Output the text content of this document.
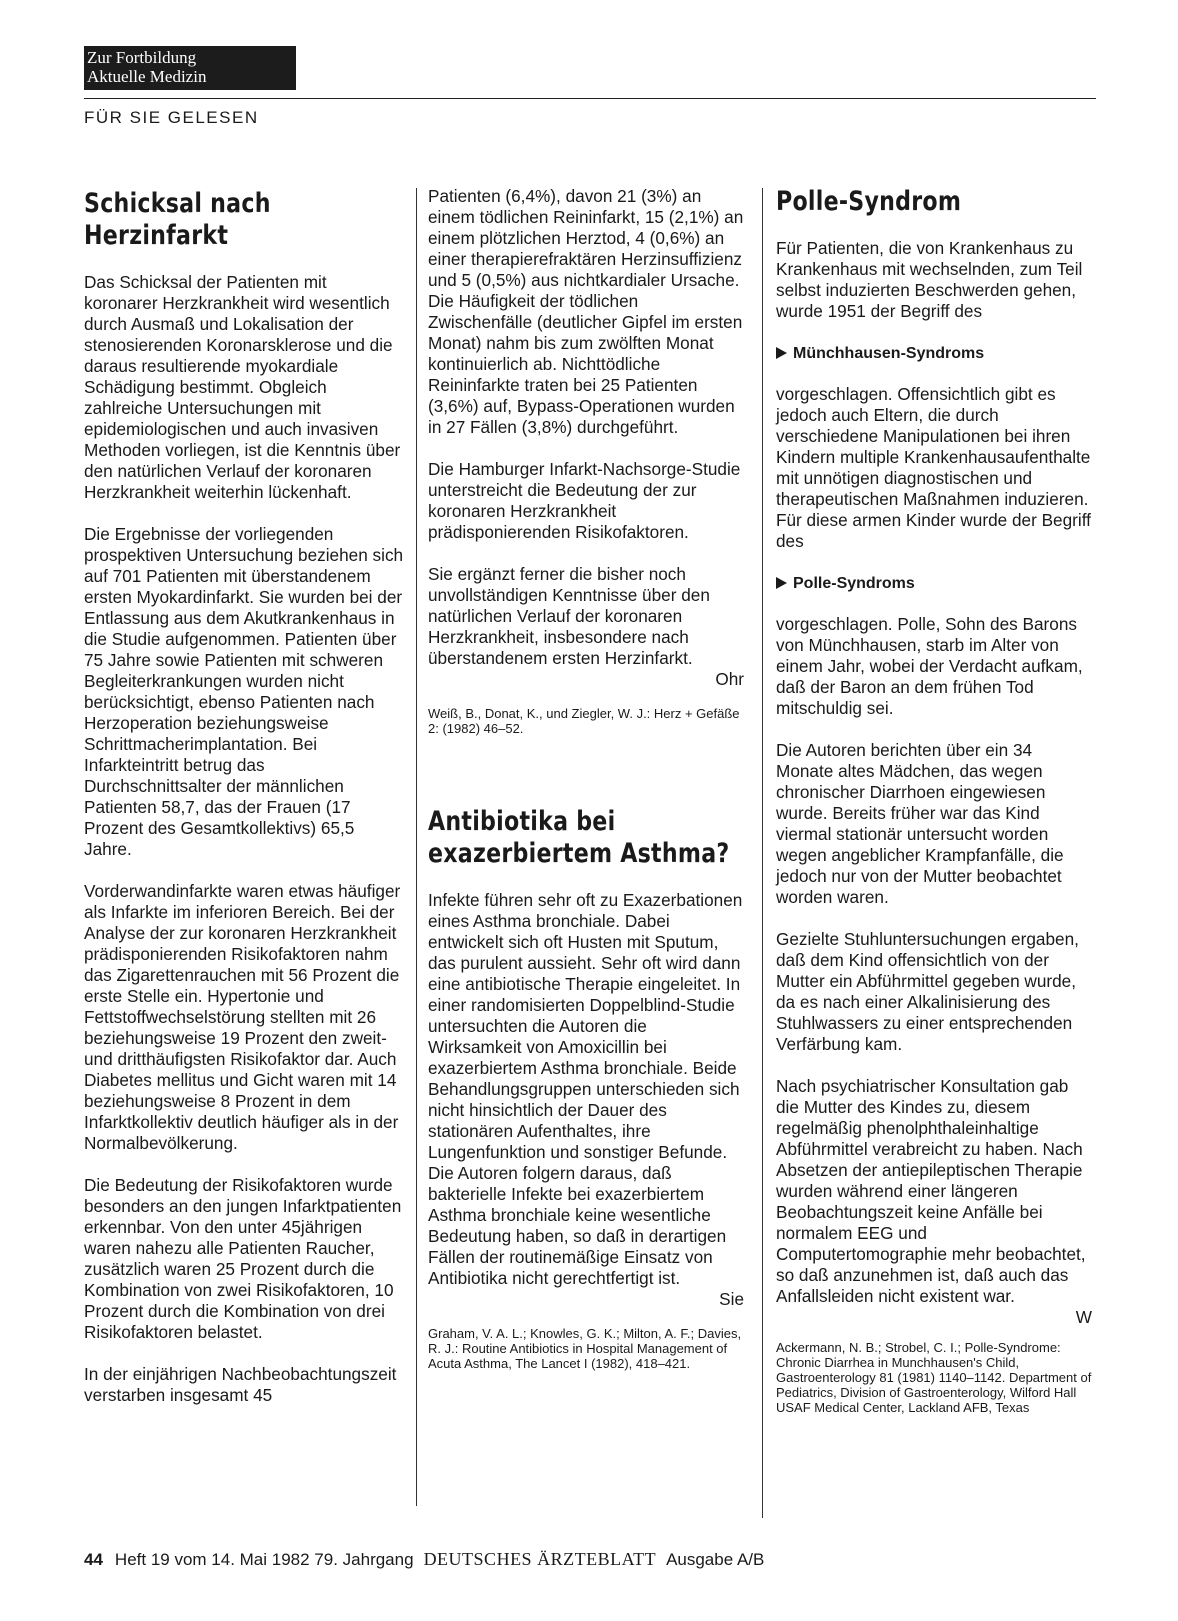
Zur Fortbildung
Aktuelle Medizin
FÜR SIE GELESEN
Schicksal nach Herzinfarkt

Das Schicksal der Patienten mit koronarer Herzkrankheit wird wesentlich durch Ausmaß und Lokalisation der stenosierenden Koronarsklerose und die daraus resultierende myokardiale Schädigung bestimmt. Obgleich zahlreiche Untersuchungen mit epidemiologischen und auch invasiven Methoden vorliegen, ist die Kenntnis über den natürlichen Verlauf der koronaren Herzkrankheit weiterhin lückenhaft.

Die Ergebnisse der vorliegenden prospektiven Untersuchung beziehen sich auf 701 Patienten mit überstandenem ersten Myokardinfarkt. Sie wurden bei der Entlassung aus dem Akutkrankenhaus in die Studie aufgenommen. Patienten über 75 Jahre sowie Patienten mit schweren Begleiterkrankungen wurden nicht berücksichtigt, ebenso Patienten nach Herzoperation beziehungsweise Schrittmacherimplantation. Bei Infarkteintritt betrug das Durchschnittsalter der männlichen Patienten 58,7, das der Frauen (17 Prozent des Gesamtkollektivs) 65,5 Jahre.

Vorderwandinfarkte waren etwas häufiger als Infarkte im inferioren Bereich. Bei der Analyse der zur koronaren Herzkrankheit prädisponierenden Risikofaktoren nahm das Zigarettenrauchen mit 56 Prozent die erste Stelle ein. Hypertonie und Fettstoffwechselstörung stellten mit 26 beziehungsweise 19 Prozent den zweit- und dritthäufigsten Risikofaktor dar. Auch Diabetes mellitus und Gicht waren mit 14 beziehungsweise 8 Prozent in dem Infarktkollektiv deutlich häufiger als in der Normalbevölkerung.

Die Bedeutung der Risikofaktoren wurde besonders an den jungen Infarktpatienten erkennbar. Von den unter 45jährigen waren nahezu alle Patienten Raucher, zusätzlich waren 25 Prozent durch die Kombination von zwei Risikofaktoren, 10 Prozent durch die Kombination von drei Risikofaktoren belastet.

In der einjährigen Nachbeobachtungszeit verstarben insgesamt 45

Patienten (6,4%), davon 21 (3%) an einem tödlichen Reininfarkt, 15 (2,1%) an einem plötzlichen Herztod, 4 (0,6%) an einer therapierefraktären Herzinsuffizienz und 5 (0,5%) aus nichtkardialer Ursache. Die Häufigkeit der tödlichen Zwischenfälle (deutlicher Gipfel im ersten Monat) nahm bis zum zwölften Monat kontinuierlich ab. Nichttödliche Reininfarkte traten bei 25 Patienten (3,6%) auf, Bypass-Operationen wurden in 27 Fällen (3,8%) durchgeführt.

Die Hamburger Infarkt-Nachsorge-Studie unterstreicht die Bedeutung der zur koronaren Herzkrankheit prädisponierenden Risikofaktoren.

Sie ergänzt ferner die bisher noch unvollständigen Kenntnisse über den natürlichen Verlauf der koronaren Herzkrankheit, insbesondere nach überstandenem ersten Herzinfarkt.
Ohr

Weiß, B., Donat, K., und Ziegler, W. J.: Herz + Gefäße 2: (1982) 46–52.

Antibiotika bei exazerbiertem Asthma?

Infekte führen sehr oft zu Exazerbationen eines Asthma bronchiale. Dabei entwickelt sich oft Husten mit Sputum, das purulent aussieht. Sehr oft wird dann eine antibiotische Therapie eingeleitet. In einer randomisierten Doppelblind-Studie untersuchten die Autoren die Wirksamkeit von Amoxicillin bei exazerbiertem Asthma bronchiale. Beide Behandlungsgruppen unterschieden sich nicht hinsichtlich der Dauer des stationären Aufenthaltes, ihre Lungenfunktion und sonstiger Befunde. Die Autoren folgern daraus, daß bakterielle Infekte bei exazerbiertem Asthma bronchiale keine wesentliche Bedeutung haben, so daß in derartigen Fällen der routinemäßige Einsatz von Antibiotika nicht gerechtfertigt ist.
Sie

Graham, V. A. L.; Knowles, G. K.; Milton, A. F.; Davies, R. J.: Routine Antibiotics in Hospital Management of Acuta Asthma, The Lancet I (1982), 418–421.

Polle-Syndrom

Für Patienten, die von Krankenhaus zu Krankenhaus mit wechselnden, zum Teil selbst induzierten Beschwerden gehen, wurde 1951 der Begriff des

Münchhausen-Syndroms

vorgeschlagen. Offensichtlich gibt es jedoch auch Eltern, die durch verschiedene Manipulationen bei ihren Kindern multiple Krankenhausaufenthalte mit unnötigen diagnostischen und therapeutischen Maßnahmen induzieren. Für diese armen Kinder wurde der Begriff des

Polle-Syndroms

vorgeschlagen. Polle, Sohn des Barons von Münchhausen, starb im Alter von einem Jahr, wobei der Verdacht aufkam, daß der Baron an dem frühen Tod mitschuldig sei.

Die Autoren berichten über ein 34 Monate altes Mädchen, das wegen chronischer Diarrhoen eingewiesen wurde. Bereits früher war das Kind viermal stationär untersucht worden wegen angeblicher Krampfanfälle, die jedoch nur von der Mutter beobachtet worden waren.

Gezielte Stuhluntersuchungen ergaben, daß dem Kind offensichtlich von der Mutter ein Abführmittel gegeben wurde, da es nach einer Alkalinisierung des Stuhlwassers zu einer entsprechenden Verfärbung kam.

Nach psychiatrischer Konsultation gab die Mutter des Kindes zu, diesem regelmäßig phenolphthaleinhaltige Abführmittel verabreicht zu haben. Nach Absetzen der antiepileptischen Therapie wurden während einer längeren Beobachtungszeit keine Anfälle bei normalem EEG und Computertomographie mehr beobachtet, so daß anzunehmen ist, daß auch das Anfallsleiden nicht existent war.
W

Ackermann, N. B.; Strobel, C. I.; Polle-Syndrome: Chronic Diarrhea in Munchhausen's Child, Gastroenterology 81 (1981) 1140–1142. Department of Pediatrics, Division of Gastroenterology, Wilford Hall USAF Medical Center, Lackland AFB, Texas

44 Heft 19 vom 14. Mai 1982 79. Jahrgang DEUTSCHES ÄRZTEBLATT Ausgabe A/B
